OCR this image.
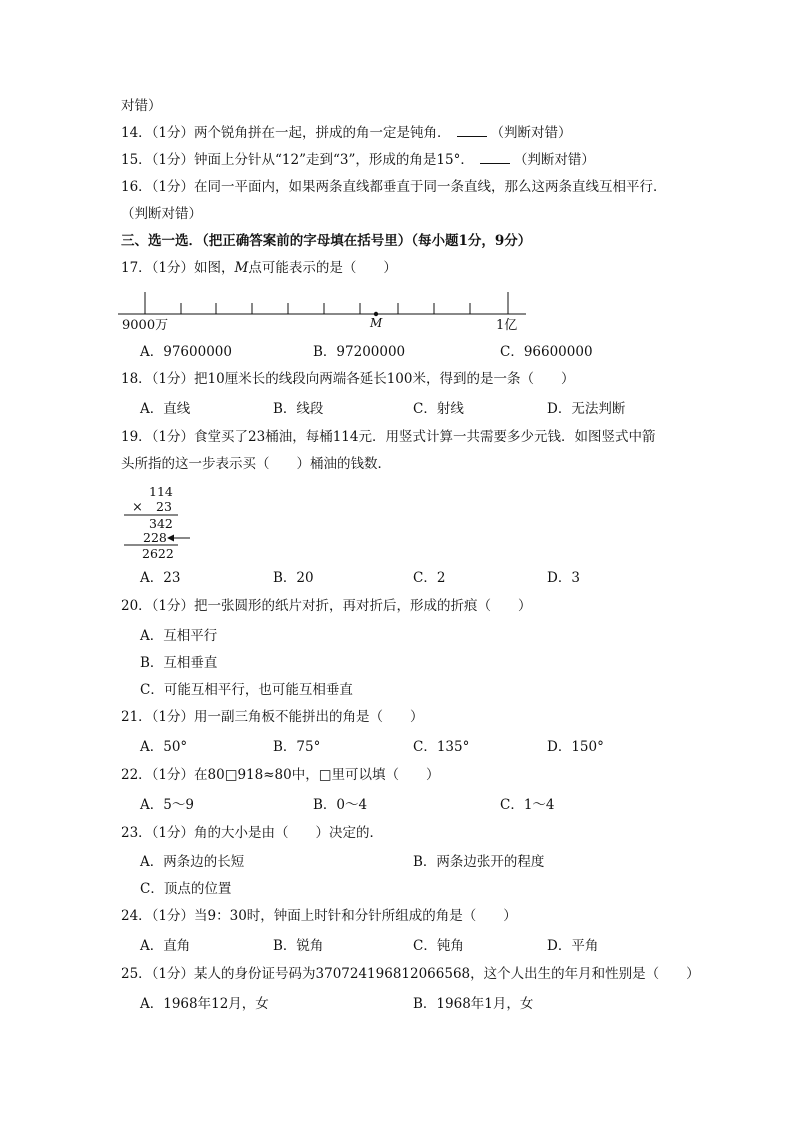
对错）
14．（1分）两个锐角拼在一起，拼成的角一定是钝角．	（判断对错）
15．（1分）钟面上分针从“12”走到“3”，形成的角是15°．	（判断对错）
16．（1分）在同一平面内，如果两条直线都垂直于同一条直线，那么这两条直线互相平行．
（判断对错）
三、选一选．（把正确答案前的字母填在括号里）（每小题1分，9分）
17．（1分）如图，M点可能表示的是（　　）
9000万	M	1亿
A．97600000	B．97200000	C．96600000
18．（1分）把10厘米长的线段向两端各延长100米，得到的是一条（　　）
A．直线	B．线段	C．射线	D．无法判断
19．（1分）食堂买了23桶油，每桶114元．用竖式计算一共需要多少元钱．如图竖式中箭
头所指的这一步表示买（　　）桶油的钱数．
114
× 23
342
228
2622
A．23	B．20	C．2	D．3
20．（1分）把一张圆形的纸片对折，再对折后，形成的折痕（　　）
A．互相平行
B．互相垂直
C．可能互相平行，也可能互相垂直
21．（1分）用一副三角板不能拼出的角是（　　）
A．50°	B．75°	C．135°	D．150°
22．（1分）在80□918≈80中，□里可以填（　　）
A．5～9	B．0～4	C．1～4
23．（1分）角的大小是由（　　）决定的．
A．两条边的长短	B．两条边张开的程度
C．顶点的位置
24．（1分）当9：30时，钟面上时针和分针所组成的角是（　　）
A．直角	B．锐角	C．钝角	D．平角
25．（1分）某人的身份证号码为370724196812066568，这个人出生的年月和性别是（　　）
A．1968年12月，女	B．1968年1月，女
